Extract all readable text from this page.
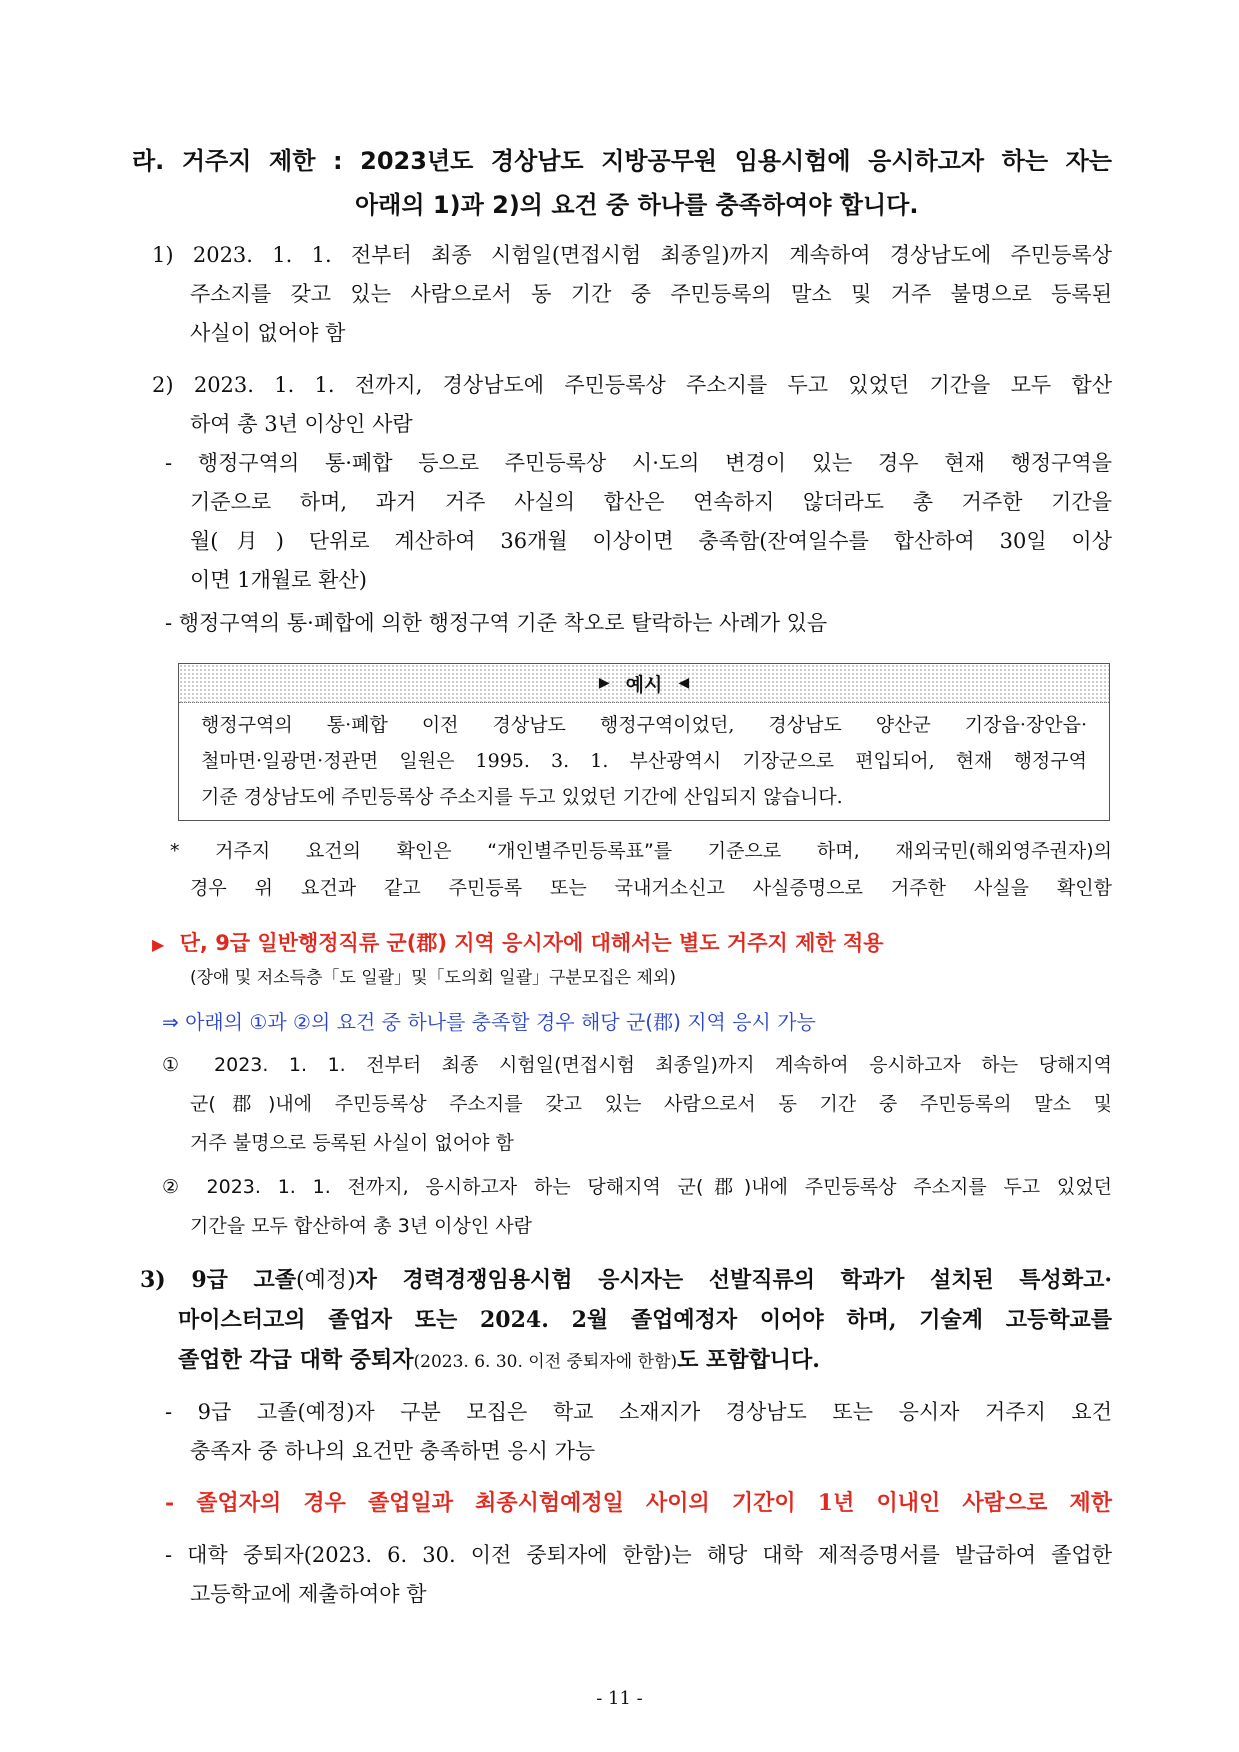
라. 거주지 제한 : 2023년도 경상남도 지방공무원 임용시험에 응시하고자 하는 자는
아래의 1)과 2)의 요건 중 하나를 충족하여야 합니다.
1) 2023. 1. 1. 전부터 최종 시험일(면접시험 최종일)까지 계속하여 경상남도에 주민등록상
주소지를 갖고 있는 사람으로서 동 기간 중 주민등록의 말소 및 거주 불명으로 등록된
사실이 없어야 함
2) 2023. 1. 1. 전까지, 경상남도에 주민등록상 주소지를 두고 있었던 기간을 모두 합산
하여 총 3년 이상인 사람
- 행정구역의 통·폐합 등으로 주민등록상 시·도의 변경이 있는 경우 현재 행정구역을
기준으로 하며, 과거 거주 사실의 합산은 연속하지 않더라도 총 거주한 기간을
월(月) 단위로 계산하여 36개월 이상이면 충족함(잔여일수를 합산하여 30일 이상
이면 1개월로 환산)
- 행정구역의 통·폐합에 의한 행정구역 기준 착오로 탈락하는 사례가 있음
▶ 예시 ◀
행정구역의 통·폐합 이전 경상남도 행정구역이었던, 경상남도 양산군 기장읍·장안읍·
철마면·일광면·정관면 일원은 1995. 3. 1. 부산광역시 기장군으로 편입되어, 현재 행정구역
기준 경상남도에 주민등록상 주소지를 두고 있었던 기간에 산입되지 않습니다.
* 거주지 요건의 확인은 “개인별주민등록표”를 기준으로 하며, 재외국민(해외영주권자)의
경우 위 요건과 같고 주민등록 또는 국내거소신고 사실증명으로 거주한 사실을 확인함
▶ 단, 9급 일반행정직류 군(郡) 지역 응시자에 대해서는 별도 거주지 제한 적용
(장애 및 저소득층「도 일괄」및「도의회 일괄」구분모집은 제외)
⇒ 아래의 ①과 ②의 요건 중 하나를 충족할 경우 해당 군(郡) 지역 응시 가능
① 2023. 1. 1. 전부터 최종 시험일(면접시험 최종일)까지 계속하여 응시하고자 하는 당해지역
군(郡)내에 주민등록상 주소지를 갖고 있는 사람으로서 동 기간 중 주민등록의 말소 및
거주 불명으로 등록된 사실이 없어야 함
② 2023. 1. 1. 전까지, 응시하고자 하는 당해지역 군(郡)내에 주민등록상 주소지를 두고 있었던
기간을 모두 합산하여 총 3년 이상인 사람
3) 9급 고졸(예정)자 경력경쟁임용시험 응시자는 선발직류의 학과가 설치된 특성화고·
마이스터고의 졸업자 또는 2024. 2월 졸업예정자 이어야 하며, 기술계 고등학교를
졸업한 각급 대학 중퇴자(2023. 6. 30. 이전 중퇴자에 한함)도 포함합니다.
- 9급 고졸(예정)자 구분 모집은 학교 소재지가 경상남도 또는 응시자 거주지 요건
충족자 중 하나의 요건만 충족하면 응시 가능
- 졸업자의 경우 졸업일과 최종시험예정일 사이의 기간이 1년 이내인 사람으로 제한
- 대학 중퇴자(2023. 6. 30. 이전 중퇴자에 한함)는 해당 대학 제적증명서를 발급하여 졸업한
고등학교에 제출하여야 함
- 11 -
